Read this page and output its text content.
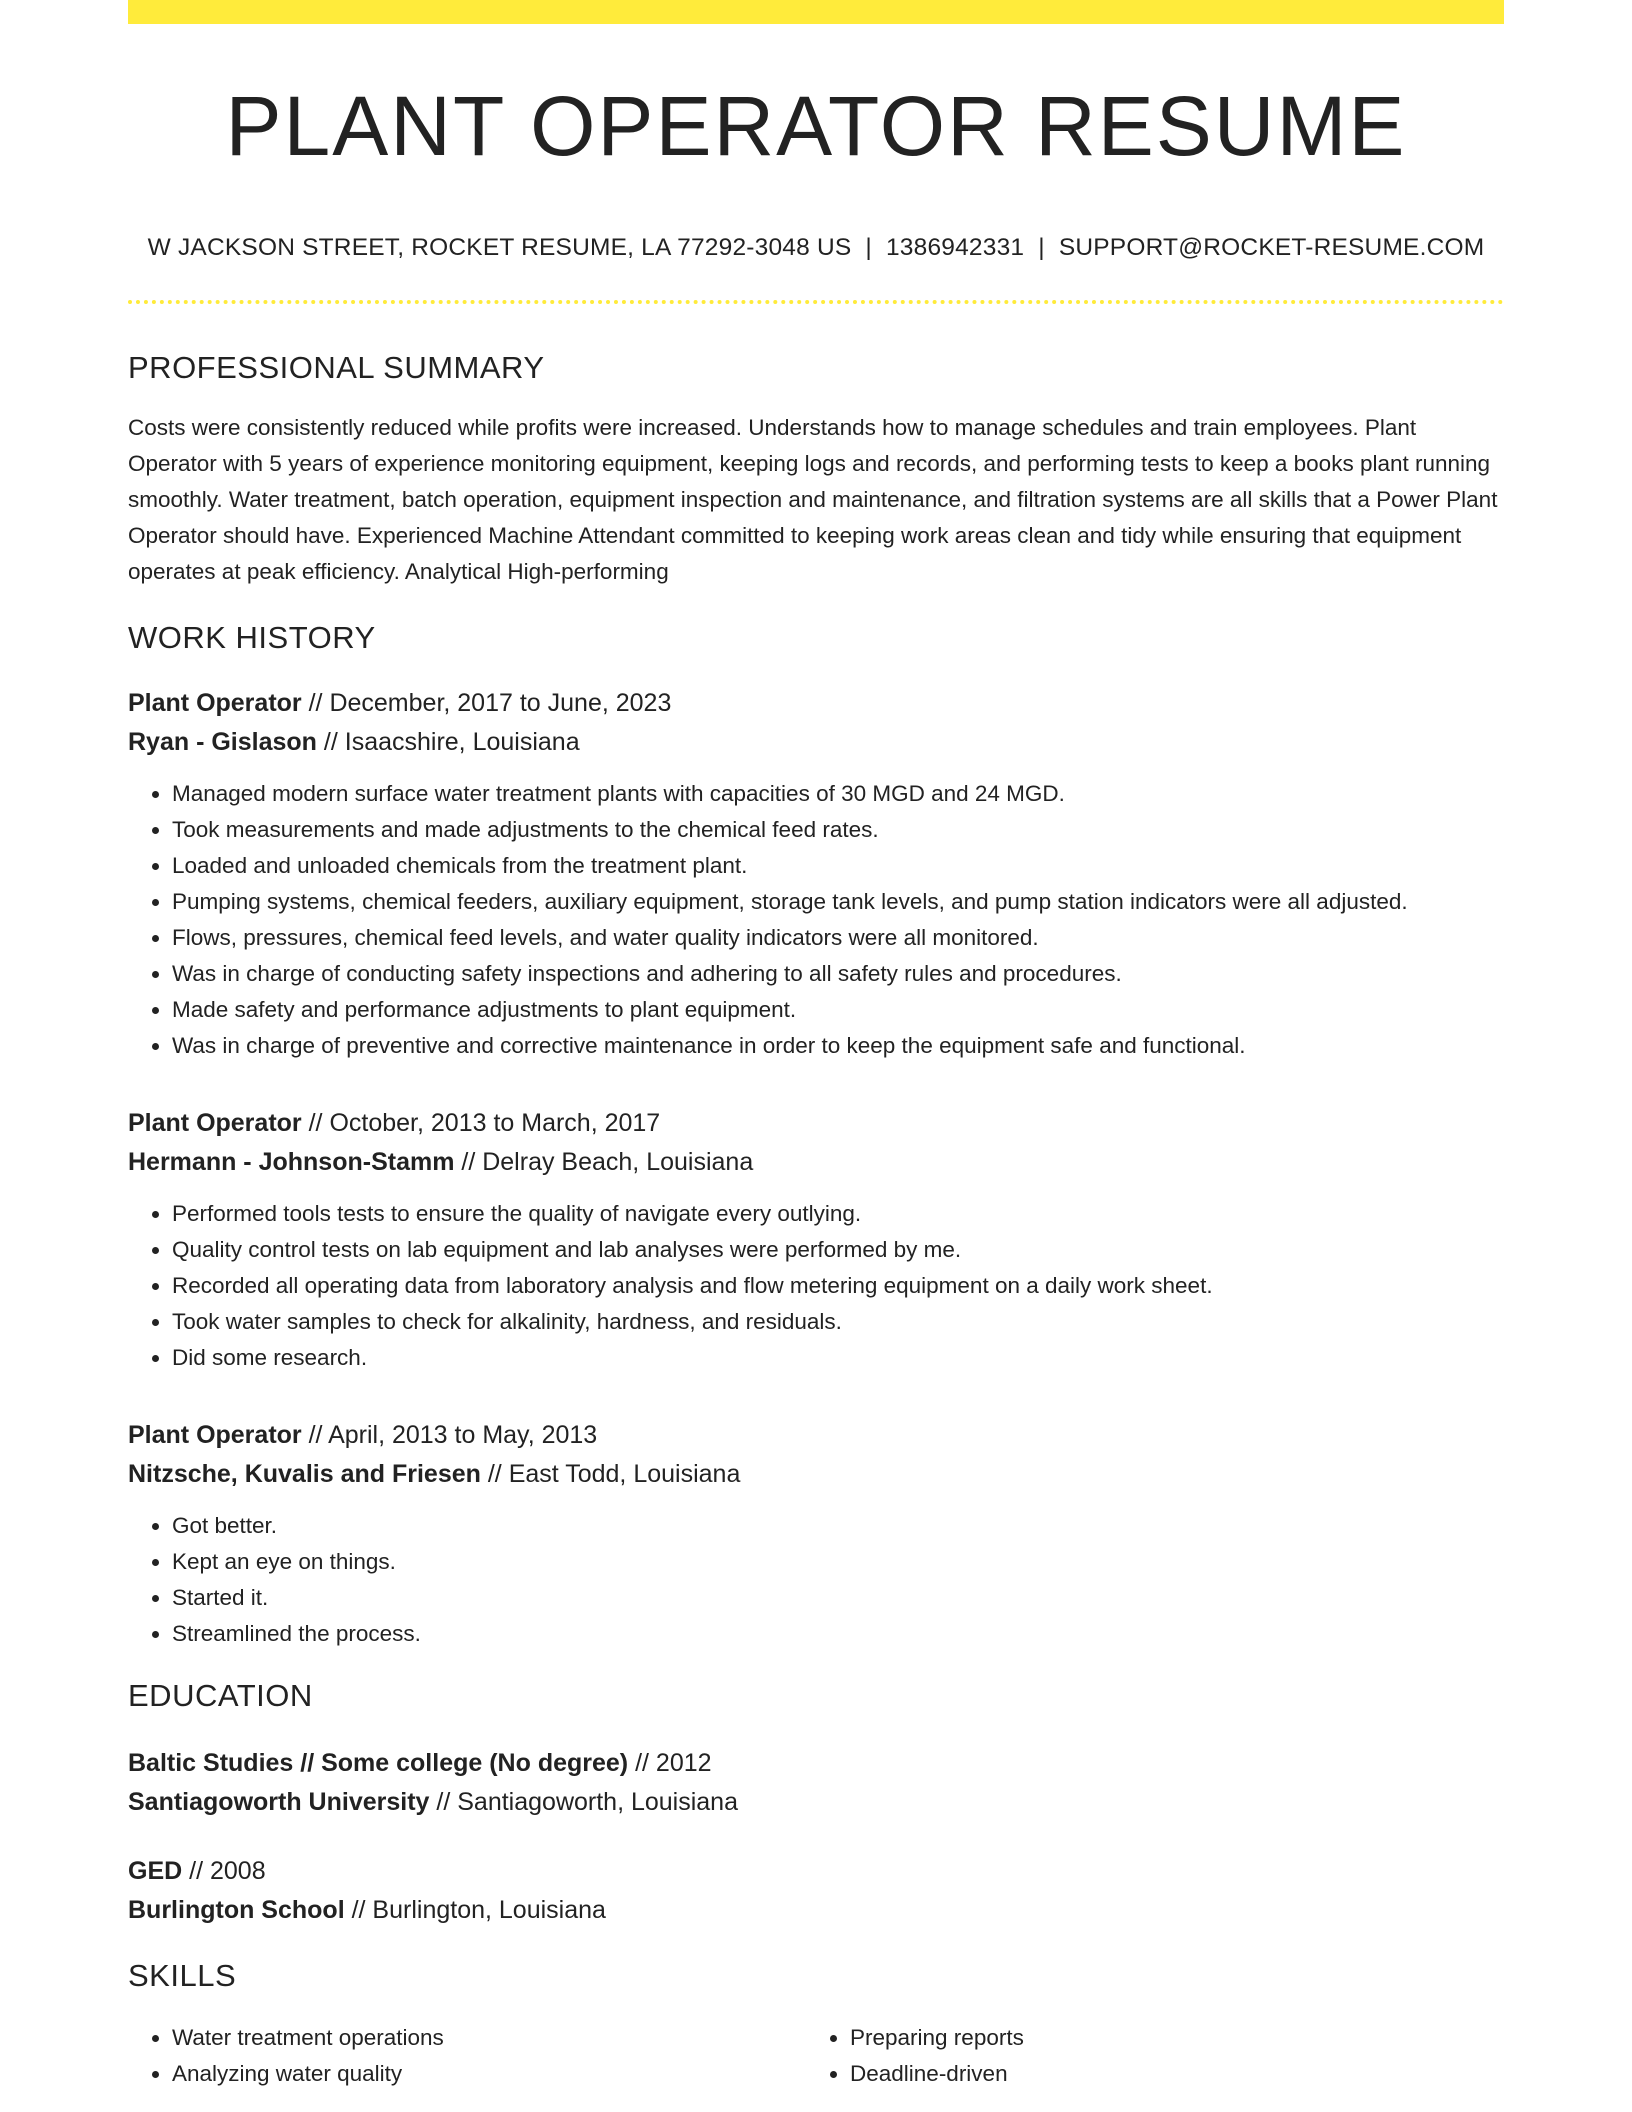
PLANT OPERATOR RESUME
W JACKSON STREET, ROCKET RESUME, LA 77292-3048 US | 1386942331 | SUPPORT@ROCKET-RESUME.COM
PROFESSIONAL SUMMARY
Costs were consistently reduced while profits were increased. Understands how to manage schedules and train employees. Plant Operator with 5 years of experience monitoring equipment, keeping logs and records, and performing tests to keep a books plant running smoothly. Water treatment, batch operation, equipment inspection and maintenance, and filtration systems are all skills that a Power Plant Operator should have. Experienced Machine Attendant committed to keeping work areas clean and tidy while ensuring that equipment operates at peak efficiency. Analytical High-performing
WORK HISTORY
Plant Operator // December, 2017 to June, 2023
Ryan - Gislason // Isaacshire, Louisiana
• Managed modern surface water treatment plants with capacities of 30 MGD and 24 MGD.
• Took measurements and made adjustments to the chemical feed rates.
• Loaded and unloaded chemicals from the treatment plant.
• Pumping systems, chemical feeders, auxiliary equipment, storage tank levels, and pump station indicators were all adjusted.
• Flows, pressures, chemical feed levels, and water quality indicators were all monitored.
• Was in charge of conducting safety inspections and adhering to all safety rules and procedures.
• Made safety and performance adjustments to plant equipment.
• Was in charge of preventive and corrective maintenance in order to keep the equipment safe and functional.
Plant Operator // October, 2013 to March, 2017
Hermann - Johnson-Stamm // Delray Beach, Louisiana
• Performed tools tests to ensure the quality of navigate every outlying.
• Quality control tests on lab equipment and lab analyses were performed by me.
• Recorded all operating data from laboratory analysis and flow metering equipment on a daily work sheet.
• Took water samples to check for alkalinity, hardness, and residuals.
• Did some research.
Plant Operator // April, 2013 to May, 2013
Nitzsche, Kuvalis and Friesen // East Todd, Louisiana
• Got better.
• Kept an eye on things.
• Started it.
• Streamlined the process.
EDUCATION
Baltic Studies // Some college (No degree) // 2012
Santiagoworth University // Santiagoworth, Louisiana
GED // 2008
Burlington School // Burlington, Louisiana
SKILLS
• Water treatment operations
• Analyzing water quality
• Preparing reports
• Deadline-driven
